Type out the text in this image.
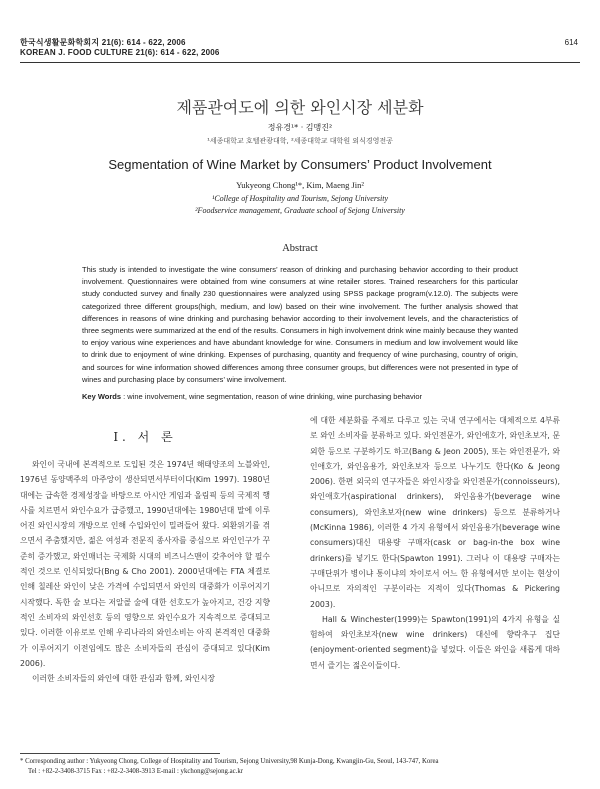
한국식생활문화학회지 21(6): 614 - 622, 2006
KOREAN J. FOOD CULTURE 21(6): 614 - 622, 2006
614
제품관여도에 의한 와인시장 세분화
정유경¹* · 김맹진²
¹세종대학교 호텔관광대학, ²세종대학교 대학원 외식경영전공
Segmentation of Wine Market by Consumers’ Product Involvement
Yukyeong Chong¹*, Kim, Maeng Jin²
¹College of Hospitality and Tourism, Sejong University
²Foodservice management, Graduate school of Sejong University
Abstract
This study is intended to investigate the wine consumers’ reason of drinking and purchasing behavior according to their product involvement. Questionnaires were obtained from wine consumers at wine retailer stores. Trained researchers for this particular study conducted survey and finally 230 questionnaires were analyzed using SPSS package program(v.12.0). The subjects were categorized three different groups(high, medium, and low) based on their wine involvement. The further analysis showed that differences in reasons of wine drinking and purchasing behavior according to their involvement levels, and the characteristics of three segments were summarized at the end of the results. Consumers in high involvement drink wine mainly because they wanted to enjoy various wine experiences and have abundant knowledge for wine. Consumers in medium and low involvement would like to drink due to enjoyment of wine drinking. Expenses of purchasing, quantity and frequency of wine purchasing, country of origin, and sources for wine information showed differences among three consumer groups, but differences were not presented in type of wines and purchasing place by consumers’ wine involvement.
Key Words : wine involvement, wine segmentation, reason of wine drinking, wine purchasing behavior
I. 서 론

와인이 국내에 본격적으로 도입된 것은 1974년 해태양조의 노블와인, 1976년 동양맥주의 마주앙이 생산되면서부터이다(Kim 1997). 1980년대에는 급속한 경제성장을 바탕으로 아시안 게임과 올림픽 등의 국제적 행사를 치르면서 와인수요가 급증했고, 1990년대에는 1980년대 말에 이루어진 와인시장의 개방으로 인해 수입와인이 밀려들어 왔다. 외환위기를 겪으면서 주춤했지만, 젊은 여성과 전문직 종사자를 중심으로 와인인구가 꾸준히 증가했고, 와인매너는 국제화 시대의 비즈니스맨이 갖추어야 할 필수적인 것으로 인식되었다(Bng & Cho 2001). 2000년대에는 FTA 체결로 인해 칠레산 와인이 낮은 가격에 수입되면서 와인의 대중화가 이루어지기 시작했다. 독한 술 보다는 저알콜 술에 대한 선호도가 높아지고, 건강 지향적인 소비자의 와인선호 등의 영향으로 와인수요가 지속적으로 증대되고 있다. 이러한 이유로로 인해 우리나라의 와인소비는 아직 본격적인 대중화가 이루어지기 이전임에도 많은 소비자들의 관심이 증대되고 있다(Kim 2006).

이러한 소비자들의 와인에 대한 관심과 함께, 와인시장

에 대한 세분화를 주제로 다루고 있는 국내 연구에서는 대체적으로 4부류로 와인 소비자를 분류하고 있다. 와인전문가, 와인애호가, 와인초보자, 문외한 등으로 구분하기도 하고(Bang & Jeon 2005), 또는 와인전문가, 와인애호가, 와인음용가, 와인초보자 등으로 나누기도 한다(Ko & Jeong 2006). 한편 외국의 연구자들은 와인시장을 와인전문가(connoisseurs), 와인애호가(aspirational drinkers), 와인음용가(beverage wine consumers), 와인초보자(new wine drinkers) 등으로 분류하거나(McKinna 1986), 이러한 4 가지 유형에서 와인음용가(beverage wine consumers)대신 대용량 구매자(cask or bag-in-the box wine drinkers)를 넣기도 한다(Spawton 1991). 그러나 이 대용량 구매자는 구매단위가 병이냐 통이냐의 차이로서 어느 한 유형에서만 보이는 현상이 아니므로 자의적인 구분이라는 지적이 있다(Thomas & Pickering 2003).

Hall & Winchester(1999)는 Spawton(1991)의 4가지 유형을 실험하여 와인초보자(new wine drinkers) 대신에 향락추구 집단(enjoyment-oriented segment)을 넣었다. 이들은 와인을 새롭게 대하면서 즐기는 젊은이들이다.

* Corresponding author : Yukyeong Chong, College of Hospitality and Tourism, Sejong University,98 Kunja-Dong, Kwangjin-Gu, Seoul, 143-747, Korea
Tel : +82-2-3408-3715 Fax : +82-2-3408-3913 E-mail : ykchong@sejong.ac.kr
